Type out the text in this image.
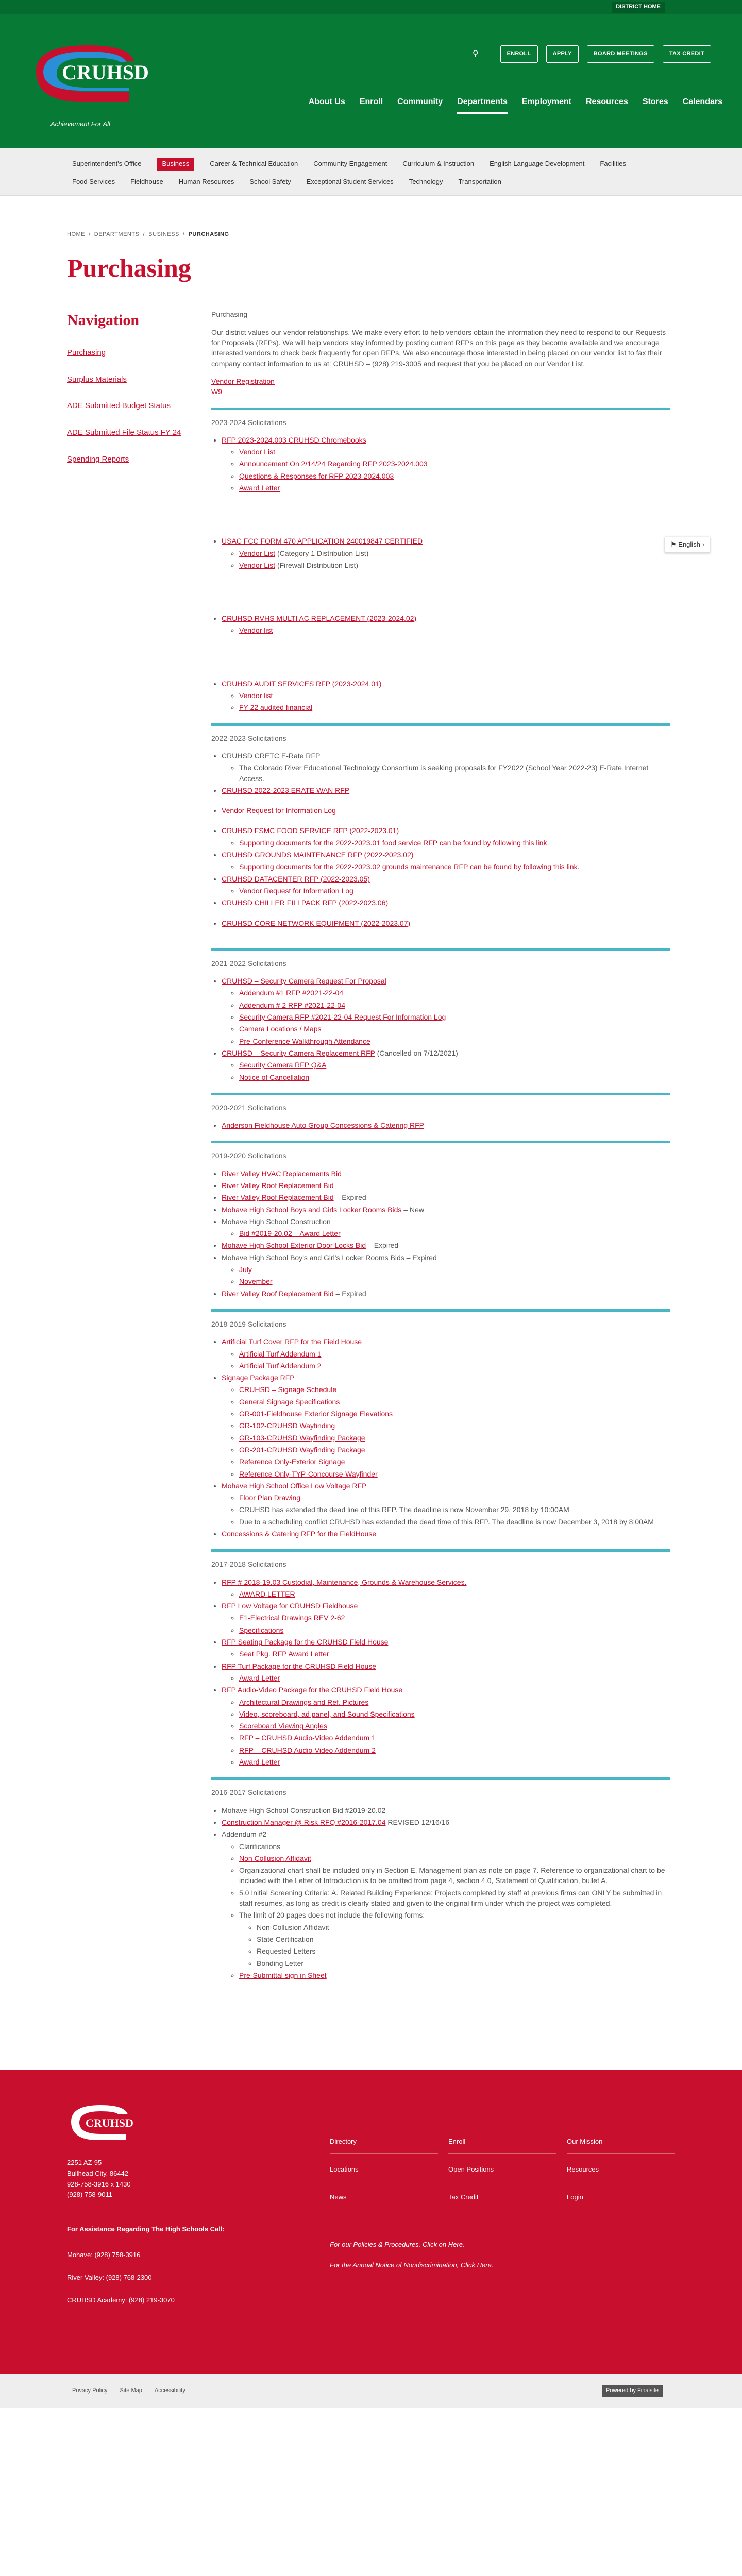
DISTRICT HOME
CRUHSD
Achievement For All
⚲	ENROLL	APPLY	BOARD MEETINGS	TAX CREDIT
About Us Enroll Community Departments Employment Resources Stores Calendars
Superintendent's Office	Business	Career & Technical Education Community Engagement Curriculum & Instruction English Language Development Facilities
Food Services Fieldhouse Human Resources School Safety Exceptional Student Services Technology Transportation
HOME  /  DEPARTMENTS  /  BUSINESS  /  PURCHASING
Purchasing
Navigation
Purchasing
Surplus Materials
ADE Submitted Budget Status
ADE Submitted File Status FY 24
Spending Reports

Purchasing

Our district values our vendor relationships. We make every effort to help vendors obtain the information they need to respond to our Requests for Proposals (RFPs). We will help vendors stay informed by posting current RFPs on this page as they become available and we encourage interested vendors to check back frequently for open RFPs. We also encourage those interested in being placed on our vendor list to fax their company contact information to us at: CRUHSD – (928) 219-3005 and request that you be placed on our Vendor List.

Vendor Registration
W9
2023-2024 Solicitations
• RFP 2023-2024.003 CRUHSD Chromebooks
◦ Vendor List
◦ Announcement On 2/14/24 Regarding RFP 2023-2024.003
◦ Questions & Responses for RFP 2023-2024.003
◦ Award Letter
• USAC FCC FORM 470 APPLICATION 240019847 CERTIFIED
◦ Vendor List (Category 1 Distribution List)
◦ Vendor List (Firewall Distribution List)
• CRUHSD RVHS MULTI AC REPLACEMENT (2023-2024.02)
◦ Vendor list
• CRUHSD AUDIT SERVICES RFP (2023-2024.01)
◦ Vendor list
◦ FY 22 audited financial
2022-2023 Solicitations
• CRUHSD CRETC E-Rate RFP
◦ The Colorado River Educational Technology Consortium is seeking proposals for FY2022 (School Year 2022-23) E-Rate Internet Access.
• CRUHSD 2022-2023 ERATE WAN RFP
• Vendor Request for Information Log
• CRUHSD FSMC FOOD SERVICE RFP (2022-2023.01)
◦ Supporting documents for the 2022-2023.01 food service RFP can be found by following this link.
• CRUHSD GROUNDS MAINTENANCE RFP (2022-2023.02)
◦ Supporting documents for the 2022-2023.02 grounds maintenance RFP can be found by following this link.
• CRUHSD DATACENTER RFP (2022-2023.05)
◦ Vendor Request for Information Log
• CRUHSD CHILLER FILLPACK RFP (2022-2023.06)
• CRUHSD CORE NETWORK EQUIPMENT (2022-2023.07)
2021-2022 Solicitations
• CRUHSD – Security Camera Request For Proposal
◦ Addendum #1 RFP #2021-22-04
◦ Addendum # 2 RFP #2021-22-04
◦ Security Camera RFP #2021-22-04 Request For Information Log
◦ Camera Locations / Maps
◦ Pre-Conference Walkthrough Attendance
• CRUHSD – Security Camera Replacement RFP (Cancelled on 7/12/2021)
◦ Security Camera RFP Q&A
◦ Notice of Cancellation
2020-2021 Solicitations
• Anderson Fieldhouse Auto Group Concessions & Catering RFP
2019-2020 Solicitations
• River Valley HVAC Replacements Bid
• River Valley Roof Replacement Bid
• River Valley Roof Replacement Bid – Expired
• Mohave High School Boys and Girls Locker Rooms Bids – New
• Mohave High School Construction
◦ Bid #2019-20.02 – Award Letter
• Mohave High School Exterior Door Locks Bid – Expired
• Mohave High School Boy's and Girl's Locker Rooms Bids – Expired
◦ July
◦ November
• River Valley Roof Replacement Bid – Expired
2018-2019 Solicitations
• Artificial Turf Cover RFP for the Field House
◦ Artificial Turf Addendum 1
◦ Artificial Turf Addendum 2
• Signage Package RFP
◦ CRUHSD – Signage Schedule
◦ General Signage Specifications
◦ GR-001-Fieldhouse Exterior Signage Elevations
◦ GR-102-CRUHSD Wayfinding
◦ GR-103-CRUHSD Wayfinding Package
◦ GR-201-CRUHSD Wayfinding Package
◦ Reference Only-Exterior Signage
◦ Reference Only-TYP-Concourse-Wayfinder
• Mohave High School Office Low Voltage RFP
◦ Floor Plan Drawing
◦ CRUHSD has extended the dead line of this RFP. The deadline is now November 29, 2018 by 10:00AM
◦ Due to a scheduling conflict CRUHSD has extended the dead time of this RFP. The deadline is now December 3, 2018 by 8:00AM
• Concessions & Catering RFP for the FieldHouse
2017-2018 Solicitations
• RFP # 2018-19.03 Custodial, Maintenance, Grounds & Warehouse Services.
◦ AWARD LETTER
• RFP Low Voltage for CRUHSD Fieldhouse
◦ E1-Electrical Drawings REV 2-62
◦ Specifications
• RFP Seating Package for the CRUHSD Field House
◦ Seat Pkg. RFP Award Letter
• RFP Turf Package for the CRUHSD Field House
◦ Award Letter
• RFP Audio-Video Package for the CRUHSD Field House
◦ Architectural Drawings and Ref. Pictures
◦ Video, scoreboard, ad panel, and Sound Specifications
◦ Scoreboard Viewing Angles
◦ RFP – CRUHSD Audio-Video Addendum 1
◦ RFP – CRUHSD Audio-Video Addendum 2
◦ Award Letter
2016-2017 Solicitations
• Mohave High School Construction Bid #2019-20.02
• Construction Manager @ Risk RFQ #2016-2017.04 REVISED 12/16/16
• Addendum #2
◦ Clarifications
◦ Non Collusion Affidavit
◦ Organizational chart shall be included only in Section E. Management plan as note on page 7. Reference to organizational chart to be included with the Letter of Introduction is to be omitted from page 4, section 4.0, Statement of Qualification, bullet A.
◦ 5.0 Initial Screening Criteria: A. Related Building Experience: Projects completed by staff at previous firms can ONLY be submitted in staff resumes, as long as credit is clearly stated and given to the original firm under which the project was completed.
◦ The limit of 20 pages does not include the following forms:
◦ Non-Collusion Affidavit
◦ State Certification
◦ Requested Letters
◦ Bonding Letter
◦ Pre-Submittal sign in Sheet
⚑ English ›
CRUHSD
2251 AZ-95
Bullhead City, 86442
928-758-3916 x 1430
(928) 758-9011
Directory
Locations
News
Enroll
Open Positions
Tax Credit
Our Mission
Resources
Login
For our Policies & Procedures, Click on Here.
For the Annual Notice of Nondiscrimination, Click Here.
For Assistance Regarding The High Schools Call:
Mohave: (928) 758-3916
River Valley: (928) 768-2300
CRUHSD Academy: (928) 219-3070
Privacy Policy Site Map Accessibility	Powered by Finalsite
